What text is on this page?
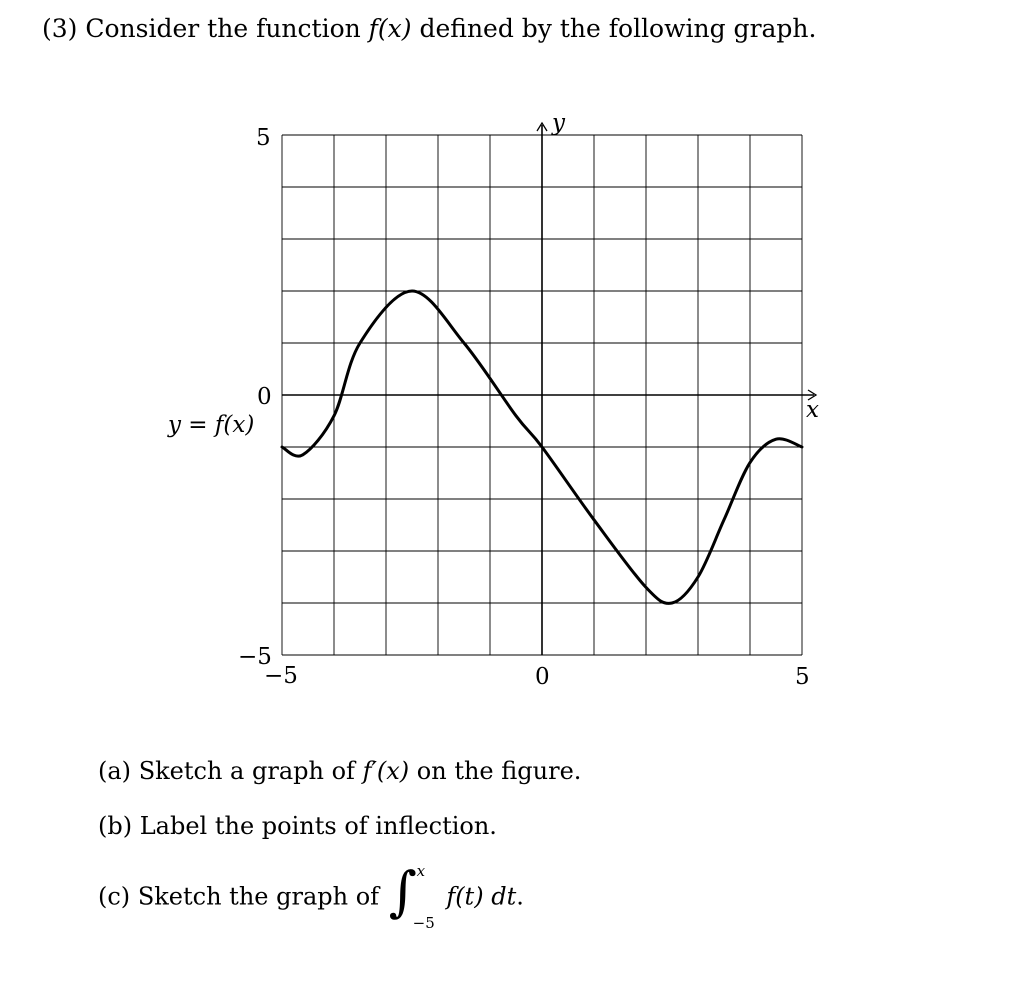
(3) Consider the function f(x) defined by the following graph.
5
0
−5
−5	0	5
x
y
y = f(x)
(a) Sketch a graph of f′(x) on the figure.
(b) Label the points of inflection.
(c) Sketch the graph of ∫ x
−5
f(t) dt.
